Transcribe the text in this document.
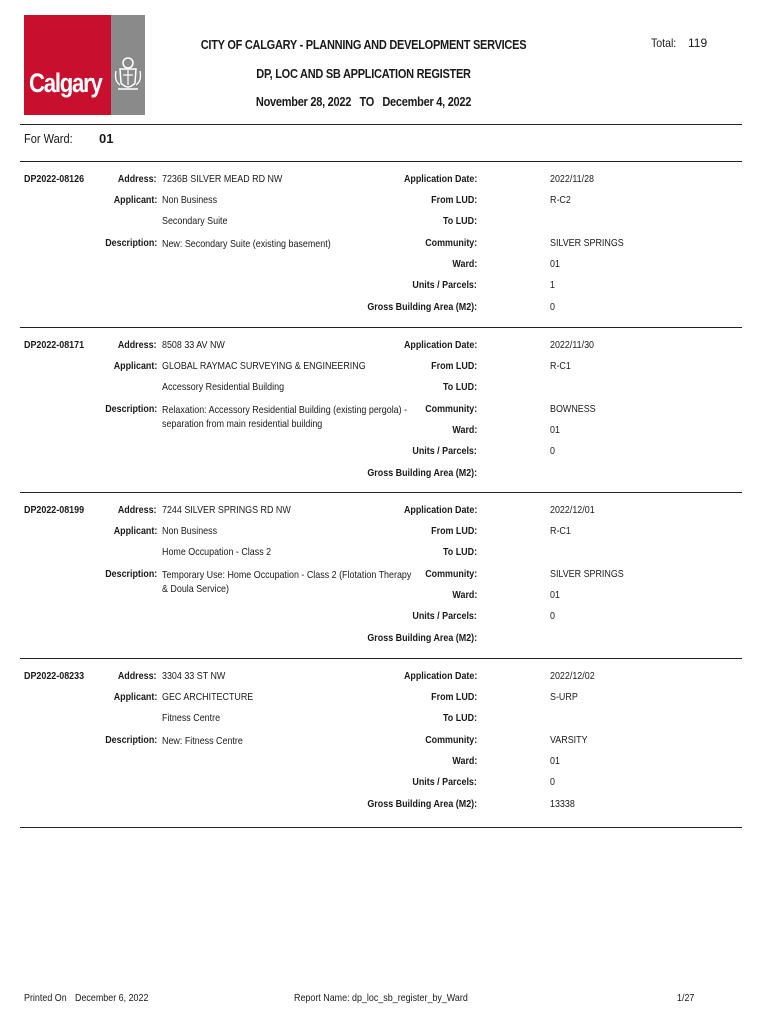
Calgary
CITY OF CALGARY - PLANNING AND DEVELOPMENT SERVICES
DP, LOC AND SB APPLICATION REGISTER
November 28, 2022   TO   December 4, 2022
Total: 119
For Ward: 01
DP2022-08126	Address: 7236B SILVER MEAD RD NW
Applicant: Non Business
Secondary Suite
Description: New: Secondary Suite (existing basement)
Application Date:	2022/11/28
From LUD:	R-C2
To LUD:
Community:	SILVER SPRINGS
Ward:	01
Units / Parcels:	1
Gross Building Area (M2):	0
DP2022-08171	Address: 8508 33 AV NW
Applicant: GLOBAL RAYMAC SURVEYING & ENGINEERING
Accessory Residential Building
Description: Relaxation: Accessory Residential Building (existing pergola) - separation from main residential building
Application Date:	2022/11/30
From LUD:	R-C1
To LUD:
Community:	BOWNESS
Ward:	01
Units / Parcels:	0
Gross Building Area (M2):
DP2022-08199	Address: 7244 SILVER SPRINGS RD NW
Applicant: Non Business
Home Occupation - Class 2
Description: Temporary Use: Home Occupation - Class 2 (Flotation Therapy & Doula Service)
Application Date:	2022/12/01
From LUD:	R-C1
To LUD:
Community:	SILVER SPRINGS
Ward:	01
Units / Parcels:	0
Gross Building Area (M2):
DP2022-08233	Address: 3304 33 ST NW
Applicant: GEC ARCHITECTURE
Fitness Centre
Description: New: Fitness Centre
Application Date:	2022/12/02
From LUD:	S-URP
To LUD:
Community:	VARSITY
Ward:	01
Units / Parcels:	0
Gross Building Area (M2):	13338
Printed On December 6, 2022	Report Name: dp_loc_sb_register_by_Ward	1/27
